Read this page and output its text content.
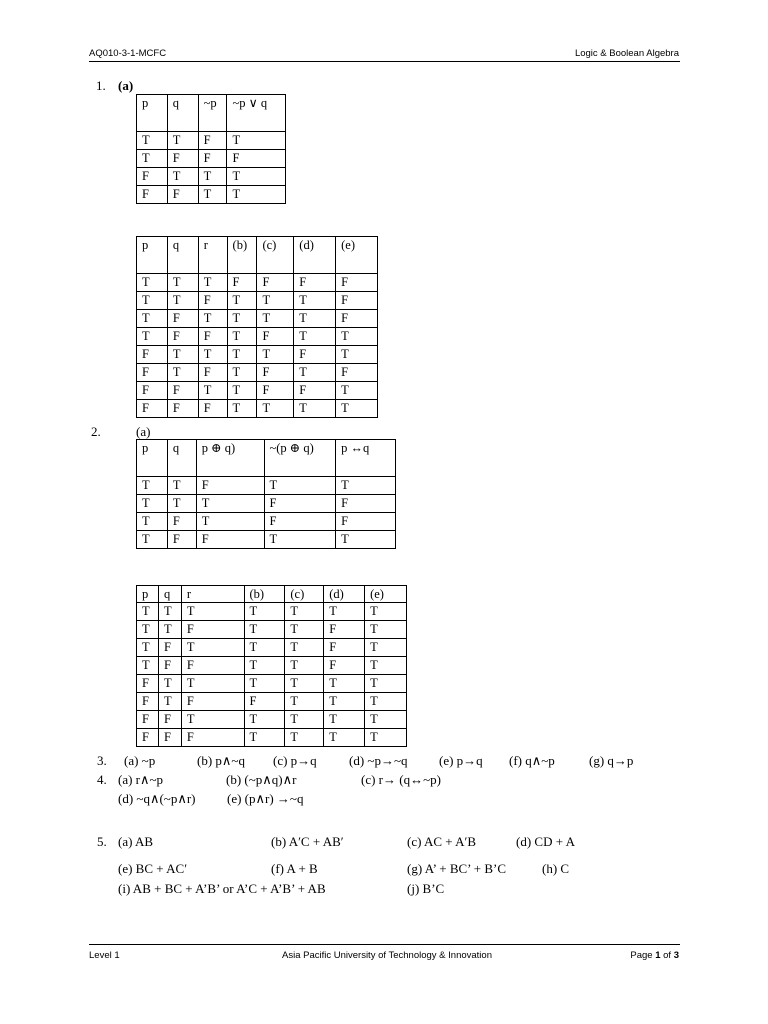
AQ010-3-1-MCFC	Logic & Boolean Algebra
1. (a)
p	q	~p	~p ∨ q
T	T	F	T
T	F	F	F
F	T	T	T
F	F	T	T
p	q	r	(b)	(c)	(d)	(e)
T	T	T	F	F	F	F
T	T	F	T	T	T	F
T	F	T	T	T	T	F
T	F	F	T	F	T	T
F	T	T	T	T	F	T
F	T	F	T	F	T	F
F	F	T	T	F	F	T
F	F	F	T	T	T	T
2.	(a)
p	q	p ⊕ q)	~(p ⊕ q)	p ↔q
T	T	F	T	T
T	T	T	F	F
T	F	T	F	F
T	F	F	T	T
p	q	r	(b)	(c)	(d)	(e)
T	T	T	T	T	T	T
T	T	F	T	T	F	T
T	F	T	T	T	F	T
T	F	F	T	T	F	T
F	T	T	T	T	T	T
F	T	F	F	T	T	T
F	F	T	T	T	T	T
F	F	F	T	T	T	T
3. (a) ~p	(b) p∧~q (c) p→q (d) ~p→~q (e) p→q (f) q∧~p	(g) q→p
4. (a) r∧~p	(b) (~p∧q)∧r	(c) r→ (q↔~p)
(d) ~q∧(~p∧r) (e) (p∧r) →~q
5. (a) AB	(b) A′C + AB′	(c) AC + A′B	(d) CD + A
(e) BC + AC′	(f) A + B	(g) A’ + BC’ + B’C	(h) C
(i) AB + BC + A’B’ or A’C + A’B’ + AB	(j) B’C
Level 1	Asia Pacific University of Technology & Innovation	Page 1 of 3
